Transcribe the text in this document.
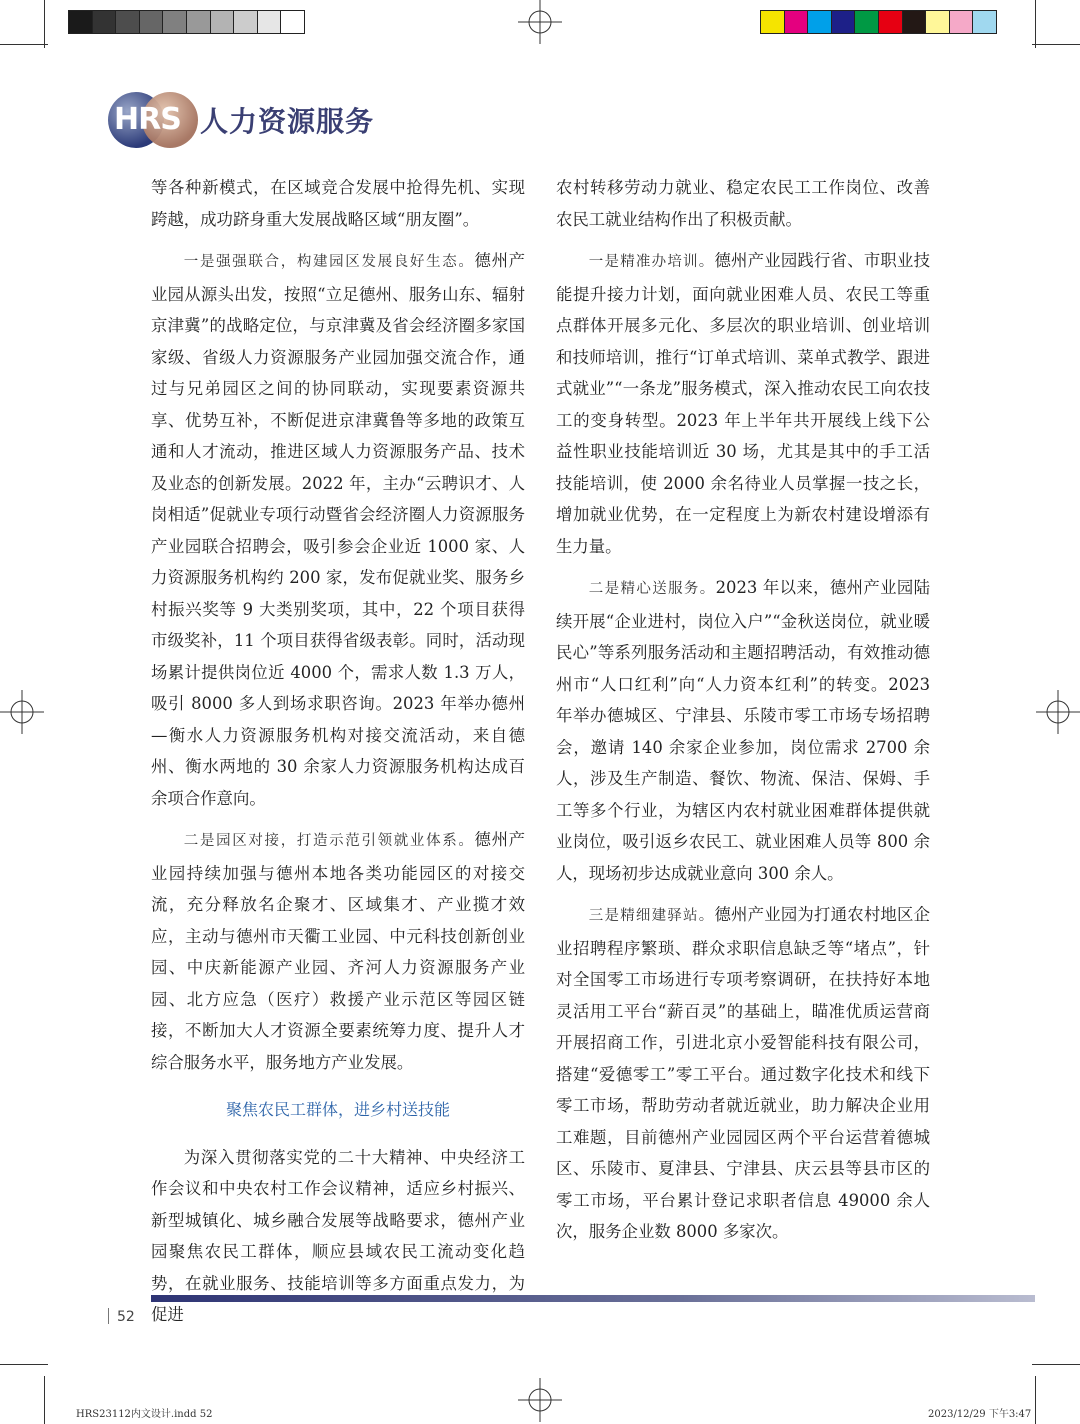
HRS 人力资源服务

等各种新模式，在区域竞合发展中抢得先机、实现跨越，成功跻身重大发展战略区域“朋友圈”。

一是强强联合，构建园区发展良好生态。德州产业园从源头出发，按照“立足德州、服务山东、辐射京津冀”的战略定位，与京津冀及省会经济圈多家国家级、省级人力资源服务产业园加强交流合作，通过与兄弟园区之间的协同联动，实现要素资源共享、优势互补，不断促进京津冀鲁等多地的政策互通和人才流动，推进区域人力资源服务产品、技术及业态的创新发展。2022 年，主办“云聘识才、人岗相适”促就业专项行动暨省会经济圈人力资源服务产业园联合招聘会，吸引参会企业近 1000 家、人力资源服务机构约 200 家，发布促就业奖、服务乡村振兴奖等 9 大类别奖项，其中，22 个项目获得市级奖补，11 个项目获得省级表彰。同时，活动现场累计提供岗位近 4000 个，需求人数 1.3 万人，吸引 8000 多人到场求职咨询。2023 年举办德州—衡水人力资源服务机构对接交流活动，来自德州、衡水两地的 30 余家人力资源服务机构达成百余项合作意向。

二是园区对接，打造示范引领就业体系。德州产业园持续加强与德州本地各类功能园区的对接交流，充分释放名企聚才、区域集才、产业揽才效应，主动与德州市天衢工业园、中元科技创新创业园、中庆新能源产业园、齐河人力资源服务产业园、北方应急（医疗）救援产业示范区等园区链接，不断加大人才资源全要素统筹力度、提升人才综合服务水平，服务地方产业发展。

聚焦农民工群体，进乡村送技能

为深入贯彻落实党的二十大精神、中央经济工作会议和中央农村工作会议精神，适应乡村振兴、新型城镇化、城乡融合发展等战略要求，德州产业园聚焦农民工群体，顺应县域农民工流动变化趋势，在就业服务、技能培训等多方面重点发力，为促进

农村转移劳动力就业、稳定农民工工作岗位、改善农民工就业结构作出了积极贡献。

一是精准办培训。德州产业园践行省、市职业技能提升接力计划，面向就业困难人员、农民工等重点群体开展多元化、多层次的职业培训、创业培训和技师培训，推行“订单式培训、菜单式教学、跟进式就业”“一条龙”服务模式，深入推动农民工向农技工的变身转型。2023 年上半年共开展线上线下公益性职业技能培训近 30 场，尤其是其中的手工活技能培训，使 2000 余名待业人员掌握一技之长，增加就业优势，在一定程度上为新农村建设增添有生力量。

二是精心送服务。2023 年以来，德州产业园陆续开展“企业进村，岗位入户”“金秋送岗位，就业暖民心”等系列服务活动和主题招聘活动，有效推动德州市“人口红利”向“人力资本红利”的转变。2023 年举办德城区、宁津县、乐陵市零工市场专场招聘会，邀请 140 余家企业参加，岗位需求 2700 余人，涉及生产制造、餐饮、物流、保洁、保姆、手工等多个行业，为辖区内农村就业困难群体提供就业岗位，吸引返乡农民工、就业困难人员等 800 余人，现场初步达成就业意向 300 余人。

三是精细建驿站。德州产业园为打通农村地区企业招聘程序繁琐、群众求职信息缺乏等“堵点”，针对全国零工市场进行专项考察调研，在扶持好本地灵活用工平台“薪百灵”的基础上，瞄准优质运营商开展招商工作，引进北京小爱智能科技有限公司，搭建“爱德零工”零工平台。通过数字化技术和线下零工市场，帮助劳动者就近就业，助力解决企业用工难题，目前德州产业园园区两个平台运营着德城区、乐陵市、夏津县、宁津县、庆云县等县市区的零工市场，平台累计登记求职者信息 49000 余人次，服务企业数 8000 多家次。

52
HRS23112内文设计.indd 52	2023/12/29 下午3:47
